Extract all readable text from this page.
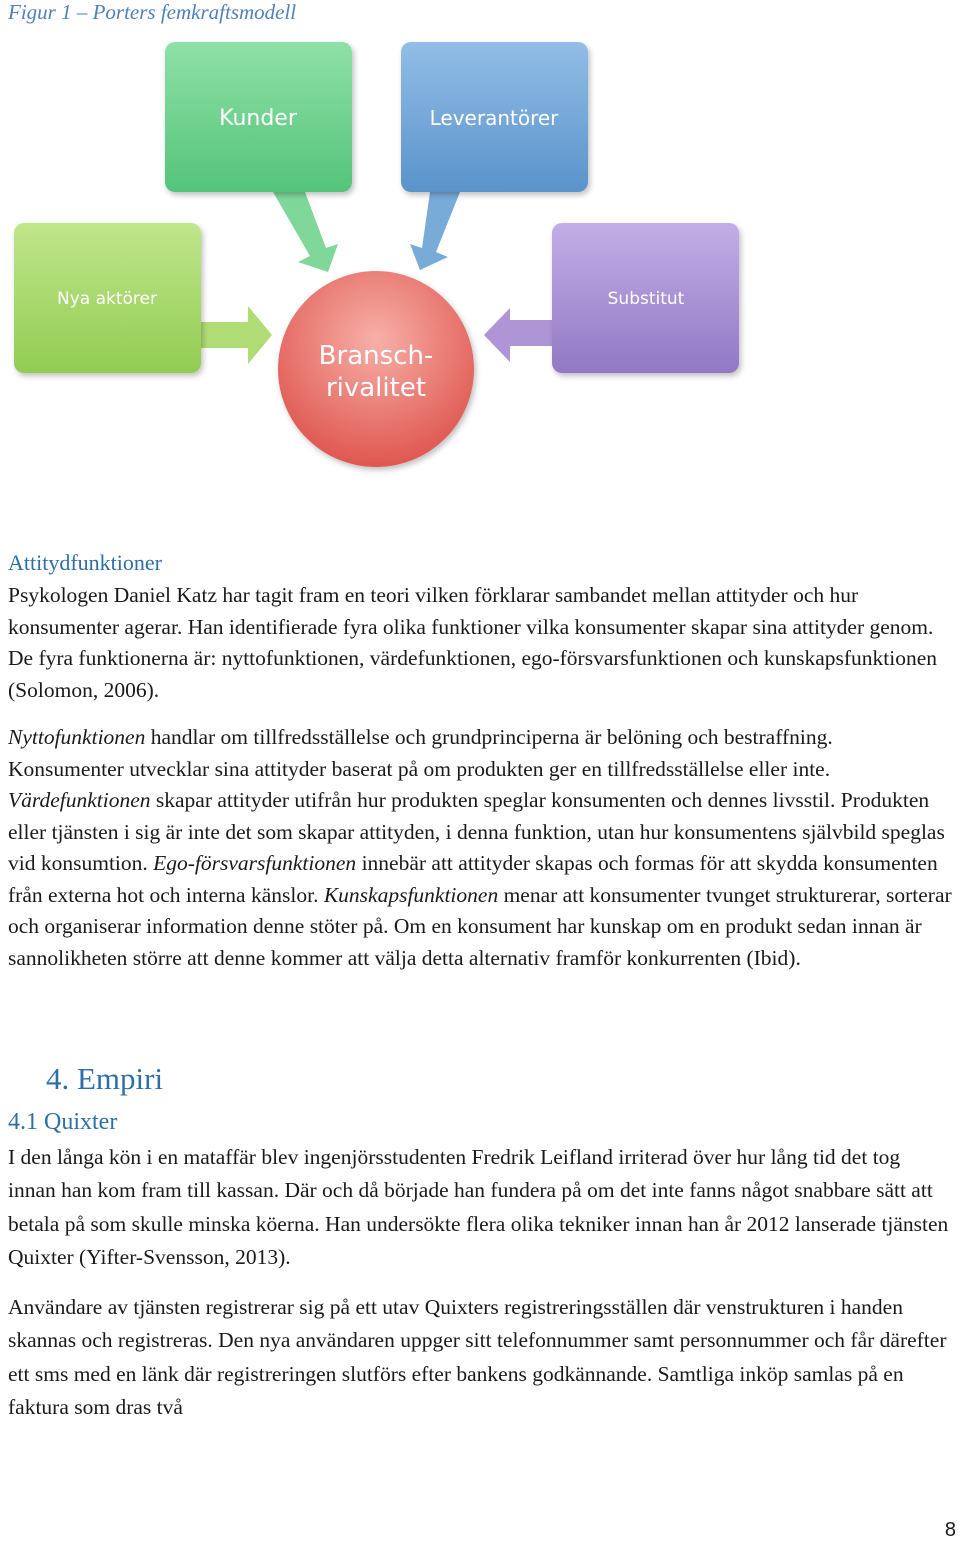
Figur 1 – Porters femkraftsmodell
Kunder	Leverantörer
Nya aktörer	Substitut
Bransch-
rivalitet
Attitydfunktioner
Psykologen Daniel Katz har tagit fram en teori vilken förklarar sambandet mellan attityder och hur konsumenter agerar. Han identifierade fyra olika funktioner vilka konsumenter skapar sina attityder genom. De fyra funktionerna är: nyttofunktionen, värdefunktionen, ego-försvarsfunktionen och kunskapsfunktionen (Solomon, 2006).
Nyttofunktionen handlar om tillfredsställelse och grundprinciperna är belöning och bestraffning. Konsumenter utvecklar sina attityder baserat på om produkten ger en tillfredsställelse eller inte. Värdefunktionen skapar attityder utifrån hur produkten speglar konsumenten och dennes livsstil. Produkten eller tjänsten i sig är inte det som skapar attityden, i denna funktion, utan hur konsumentens självbild speglas vid konsumtion. Ego-försvarsfunktionen innebär att attityder skapas och formas för att skydda konsumenten från externa hot och interna känslor. Kunskapsfunktionen menar att konsumenter tvunget strukturerar, sorterar och organiserar information denne stöter på. Om en konsument har kunskap om en produkt sedan innan är sannolikheten större att denne kommer att välja detta alternativ framför konkurrenten (Ibid).
4. Empiri
4.1 Quixter
I den långa kön i en mataffär blev ingenjörsstudenten Fredrik Leifland irriterad över hur lång tid det tog innan han kom fram till kassan. Där och då började han fundera på om det inte fanns något snabbare sätt att betala på som skulle minska köerna. Han undersökte flera olika tekniker innan han år 2012 lanserade tjänsten Quixter (Yifter-Svensson, 2013).
Användare av tjänsten registrerar sig på ett utav Quixters registreringsställen där venstrukturen i handen skannas och registreras. Den nya användaren uppger sitt telefonnummer samt personnummer och får därefter ett sms med en länk där registreringen slutförs efter bankens godkännande. Samtliga inköp samlas på en faktura som dras två
8
